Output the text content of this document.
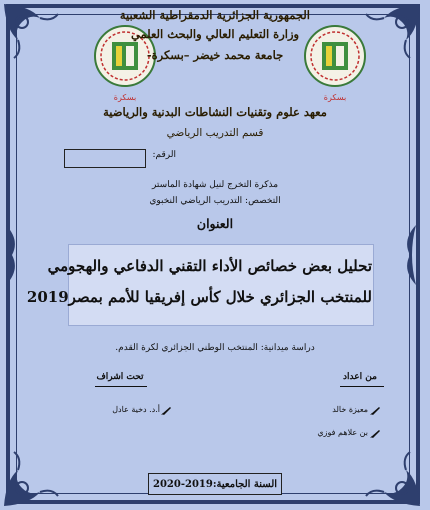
بسكرة	بسكرة
الجمهورية الجزائرية الدمقراطية الشعبية
وزارة التعليم العالي والبحث العلمي
جامعة محمد خيضر –بسكرة-
معهد علوم وتقنيات النشاطات البدنية والرياضية
قسم التدريب الرياضي
الرقم:
مذكرة التخرج لنيل شهادة الماستر
التخصص: التدريب الرياضي النخبوي
العنوان
تحليل بعض خصائص الأداء التقني الدفاعي والهجومي
للمنتخب الجزائري خلال كأس إفريقيا للأمم بمصر2019
دراسة ميدانية: المنتخب الوطني الجزائري لكرة القدم.
من اعداد
تحت اشراف
معيزة خالد
بن علاهم فوزي
أ.د. دخية عادل
السنة الجامعية:2019-2020
